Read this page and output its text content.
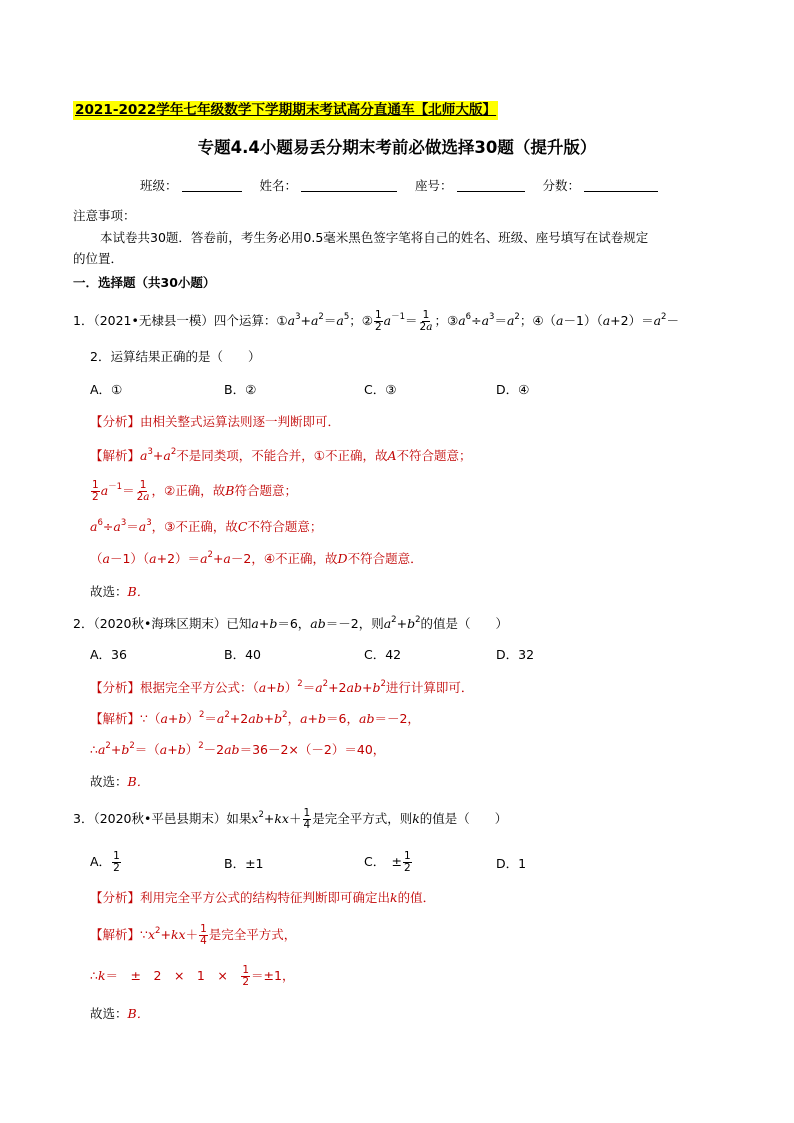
2021-2022学年七年级数学下学期期末考试高分直通车【北师大版】
专题4.4小题易丢分期末考前必做选择30题（提升版）
班级：	姓名：	座号：	分数：
注意事项：
本试卷共30题．答卷前，考生务必用0.5毫米黑色签字笔将自己的姓名、班级、座号填写在试卷规定
的位置．
一．选择题（共30小题）
1．（2021•无棣县一模）四个运算：$①a^3+a^2=a^5$；② $\frac{1}{2} a^{-1}= \frac{1}{2a}$ ；$③a^6\div a^3=a^2$；$④(a-1)(a+2)=a^2-$
2．运算结果正确的是（　　）
A．①	B．②	C．③	D．④
【分析】由相关整式运算法则逐一判断即可．
【解析】$a^3+a^2$不是同类项，不能合并，①不正确，故A不符合题意；
$\frac{1}{2} a^{-1}= \frac{1}{2a}$ ，②正确，故B符合题意；
$a^6\div a^3=a^3$，③不正确，故C不符合题意；
$(a-1)(a+2)=a^2+a-2$，④不正确，故D不符合题意．
故选：B．
2．（2020秋•海珠区期末）已知a+b＝6，ab＝－2，则$a^2+b^2$的值是（　　）
A．36	B．40	C．42	D．32
【分析】根据完全平方公式：$(a+b)^2=a^2+2ab+b^2$进行计算即可．
【解析】$\because(a+b)^2=a^2+2ab+b^2$，a+b＝6，ab＝－2，
$\therefore a^2+b^2=(a+b)^2-2ab=36-2\times(-2)=40$，
故选：B．
3．（2020秋•平邑县期末）如果$x^2+kx+ \frac{1}{4}$ 是完全平方式，则k的值是（　　）
A． $\frac{1}{2}$	B．±1	C．　± $\frac{1}{2}$	D．1
【分析】利用完全平方公式的结构特征判断即可确定出k的值．
【解析】$\because x^2+kx+ \frac{1}{4}$ 是完全平方式，
∴k＝　±　2　×　1　×　 $\frac{1}{2} =\pm 1$，
故选：B．
